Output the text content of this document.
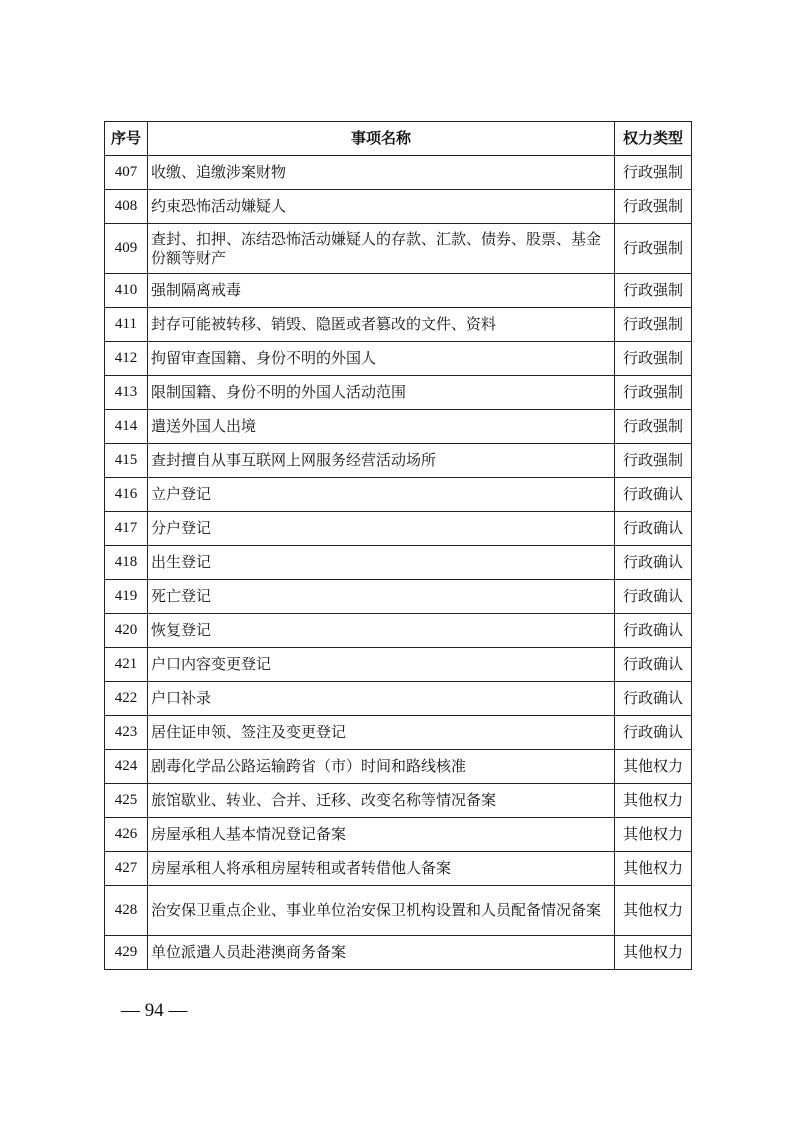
序号	事项名称	权力类型
407	收缴、追缴涉案财物	行政强制
408	约束恐怖活动嫌疑人	行政强制
409	查封、扣押、冻结恐怖活动嫌疑人的存款、汇款、债券、股票、基金份额等财产	行政强制
410	强制隔离戒毒	行政强制
411	封存可能被转移、销毁、隐匿或者篡改的文件、资料	行政强制
412	拘留审查国籍、身份不明的外国人	行政强制
413	限制国籍、身份不明的外国人活动范围	行政强制
414	遣送外国人出境	行政强制
415	查封擅自从事互联网上网服务经营活动场所	行政强制
416	立户登记	行政确认
417	分户登记	行政确认
418	出生登记	行政确认
419	死亡登记	行政确认
420	恢复登记	行政确认
421	户口内容变更登记	行政确认
422	户口补录	行政确认
423	居住证申领、签注及变更登记	行政确认
424	剧毒化学品公路运输跨省（市）时间和路线核准	其他权力
425	旅馆歇业、转业、合并、迁移、改变名称等情况备案	其他权力
426	房屋承租人基本情况登记备案	其他权力
427	房屋承租人将承租房屋转租或者转借他人备案	其他权力
428	治安保卫重点企业、事业单位治安保卫机构设置和人员配备情况备案	其他权力
429	单位派遣人员赴港澳商务备案	其他权力
— 94 —
